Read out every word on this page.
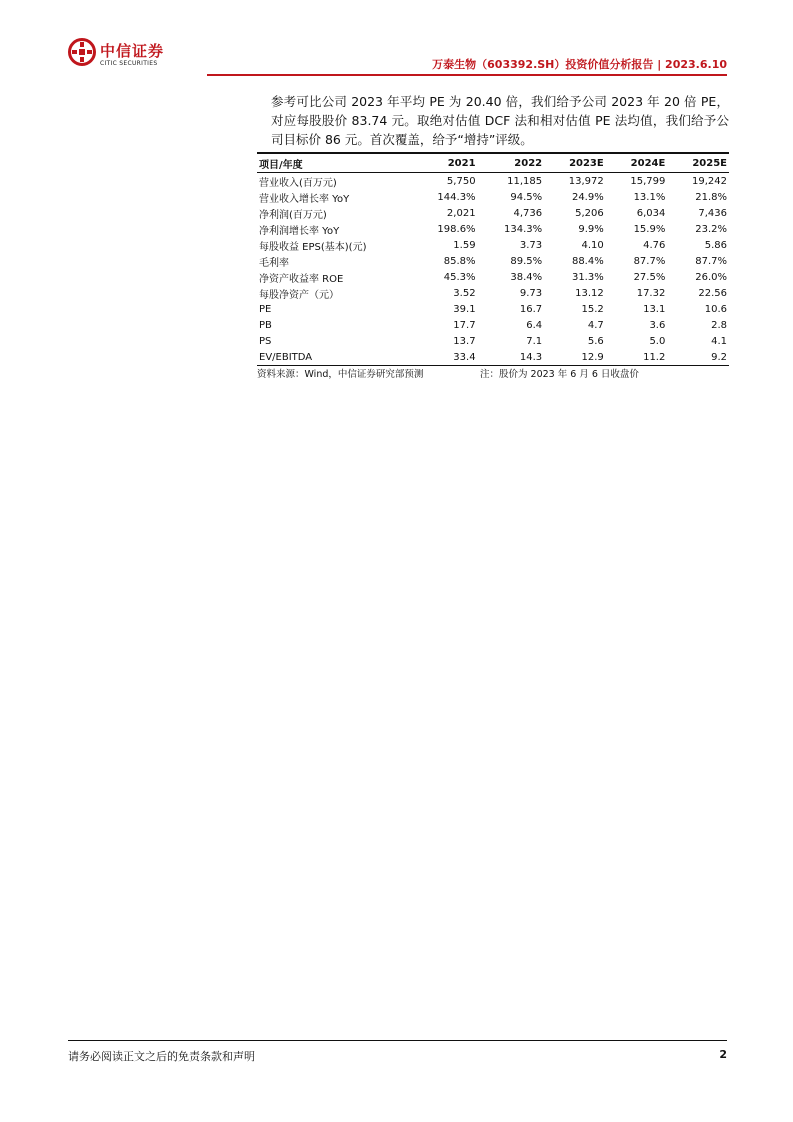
中信证券
CITIC SECURITIES	万泰生物（603392.SH）投资价值分析报告 | 2023.6.10

参考可比公司 2023 年平均 PE 为 20.40 倍，我们给予公司 2023 年 20 倍 PE，对应每股股价 83.74 元。取绝对估值 DCF 法和相对估值 PE 法均值，我们给予公司目标价 86 元。首次覆盖，给予“增持”评级。

项目/年度	2021	2022	2023E	2024E	2025E
营业收入(百万元)	5,750	11,185	13,972	15,799	19,242
营业收入增长率 YoY	144.3%	94.5%	24.9%	13.1%	21.8%
净利润(百万元)	2,021	4,736	5,206	6,034	7,436
净利润增长率 YoY	198.6%	134.3%	9.9%	15.9%	23.2%
每股收益 EPS(基本)(元)	1.59	3.73	4.10	4.76	5.86
毛利率	85.8%	89.5%	88.4%	87.7%	87.7%
净资产收益率 ROE	45.3%	38.4%	31.3%	27.5%	26.0%
每股净资产（元）	3.52	9.73	13.12	17.32	22.56
PE	39.1	16.7	15.2	13.1	10.6
PB	17.7	6.4	4.7	3.6	2.8
PS	13.7	7.1	5.6	5.0	4.1
EV/EBITDA	33.4	14.3	12.9	11.2	9.2
资料来源：Wind，中信证券研究部预测	注：股价为 2023 年 6 月 6 日收盘价
请务必阅读正文之后的免责条款和声明	2
